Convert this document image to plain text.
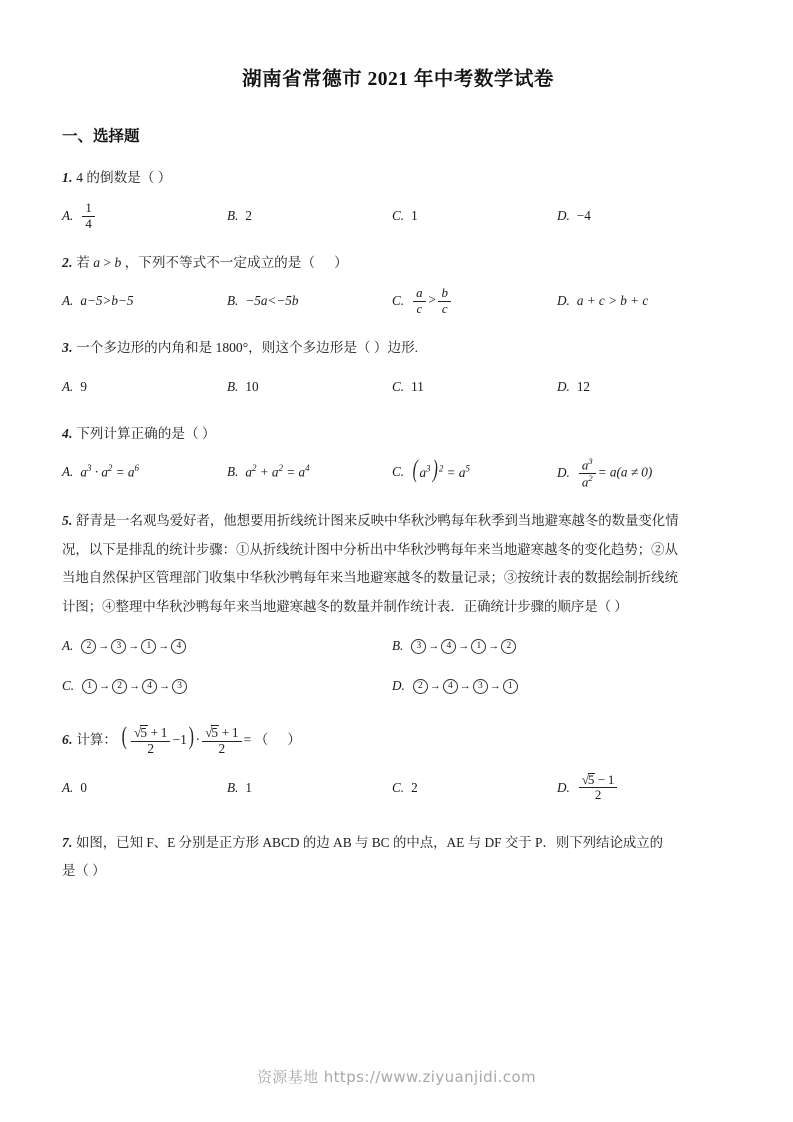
湖南省常德市 2021 年中考数学试卷
一、选择题
1. 4 的倒数是（ ）
A. $\frac{1}{4}$	B. 2	C. 1	D. −4
2. 若 a > b ，下列不等式不一定成立的是（ ）
A. a−5>b−5	B. −5a<−5b	C. $\frac{a}{c} > \frac{b}{c}$	D. a + c > b + c
3. 一个多边形的内角和是 1800°，则这个多边形是（ ）边形.
A. 9	B. 10	C. 11	D. 12
4. 下列计算正确的是（ ）
A. $a^3 \cdot a^2 = a^6$	B. $a^2 + a^2 = a^4$	C. ( $a^3$) $^2 = a^5$	D. $\frac{a^3}{a^2} = a(a \ne 0)$
5. 舒青是一名观鸟爱好者，他想要用折线统计图来反映中华秋沙鸭每年秋季到当地避寒越冬的数量变化情
况，以下是排乱的统计步骤：①从折线统计图中分析出中华秋沙鸭每年来当地避寒越冬的变化趋势；②从
当地自然保护区管理部门收集中华秋沙鸭每年来当地避寒越冬的数量记录；③按统计表的数据绘制折线统
计图；④整理中华秋沙鸭每年来当地避寒越冬的数量并制作统计表．正确统计步骤的顺序是（ ）
A.	2 → 3 → 1 → 4	B.	3 → 4 → 1 → 2
C.	1 → 2 → 4 → 3	D.	2 → 4 → 3 → 1
6. 计算： ( $\frac{√5 + 1}{2} -1) \cdot \frac{√5 + 1}{2}$ = （ ）
A. 0	B. 1	C. 2	D. $\frac{√5 - 1}{2}$
7. 如图，已知 F、E 分别是正方形 ABCD 的边 AB 与 BC 的中点，AE 与 DF 交于 P．则下列结论成立的
是（ ）
资源基地 https://www.ziyuanjidi.com
